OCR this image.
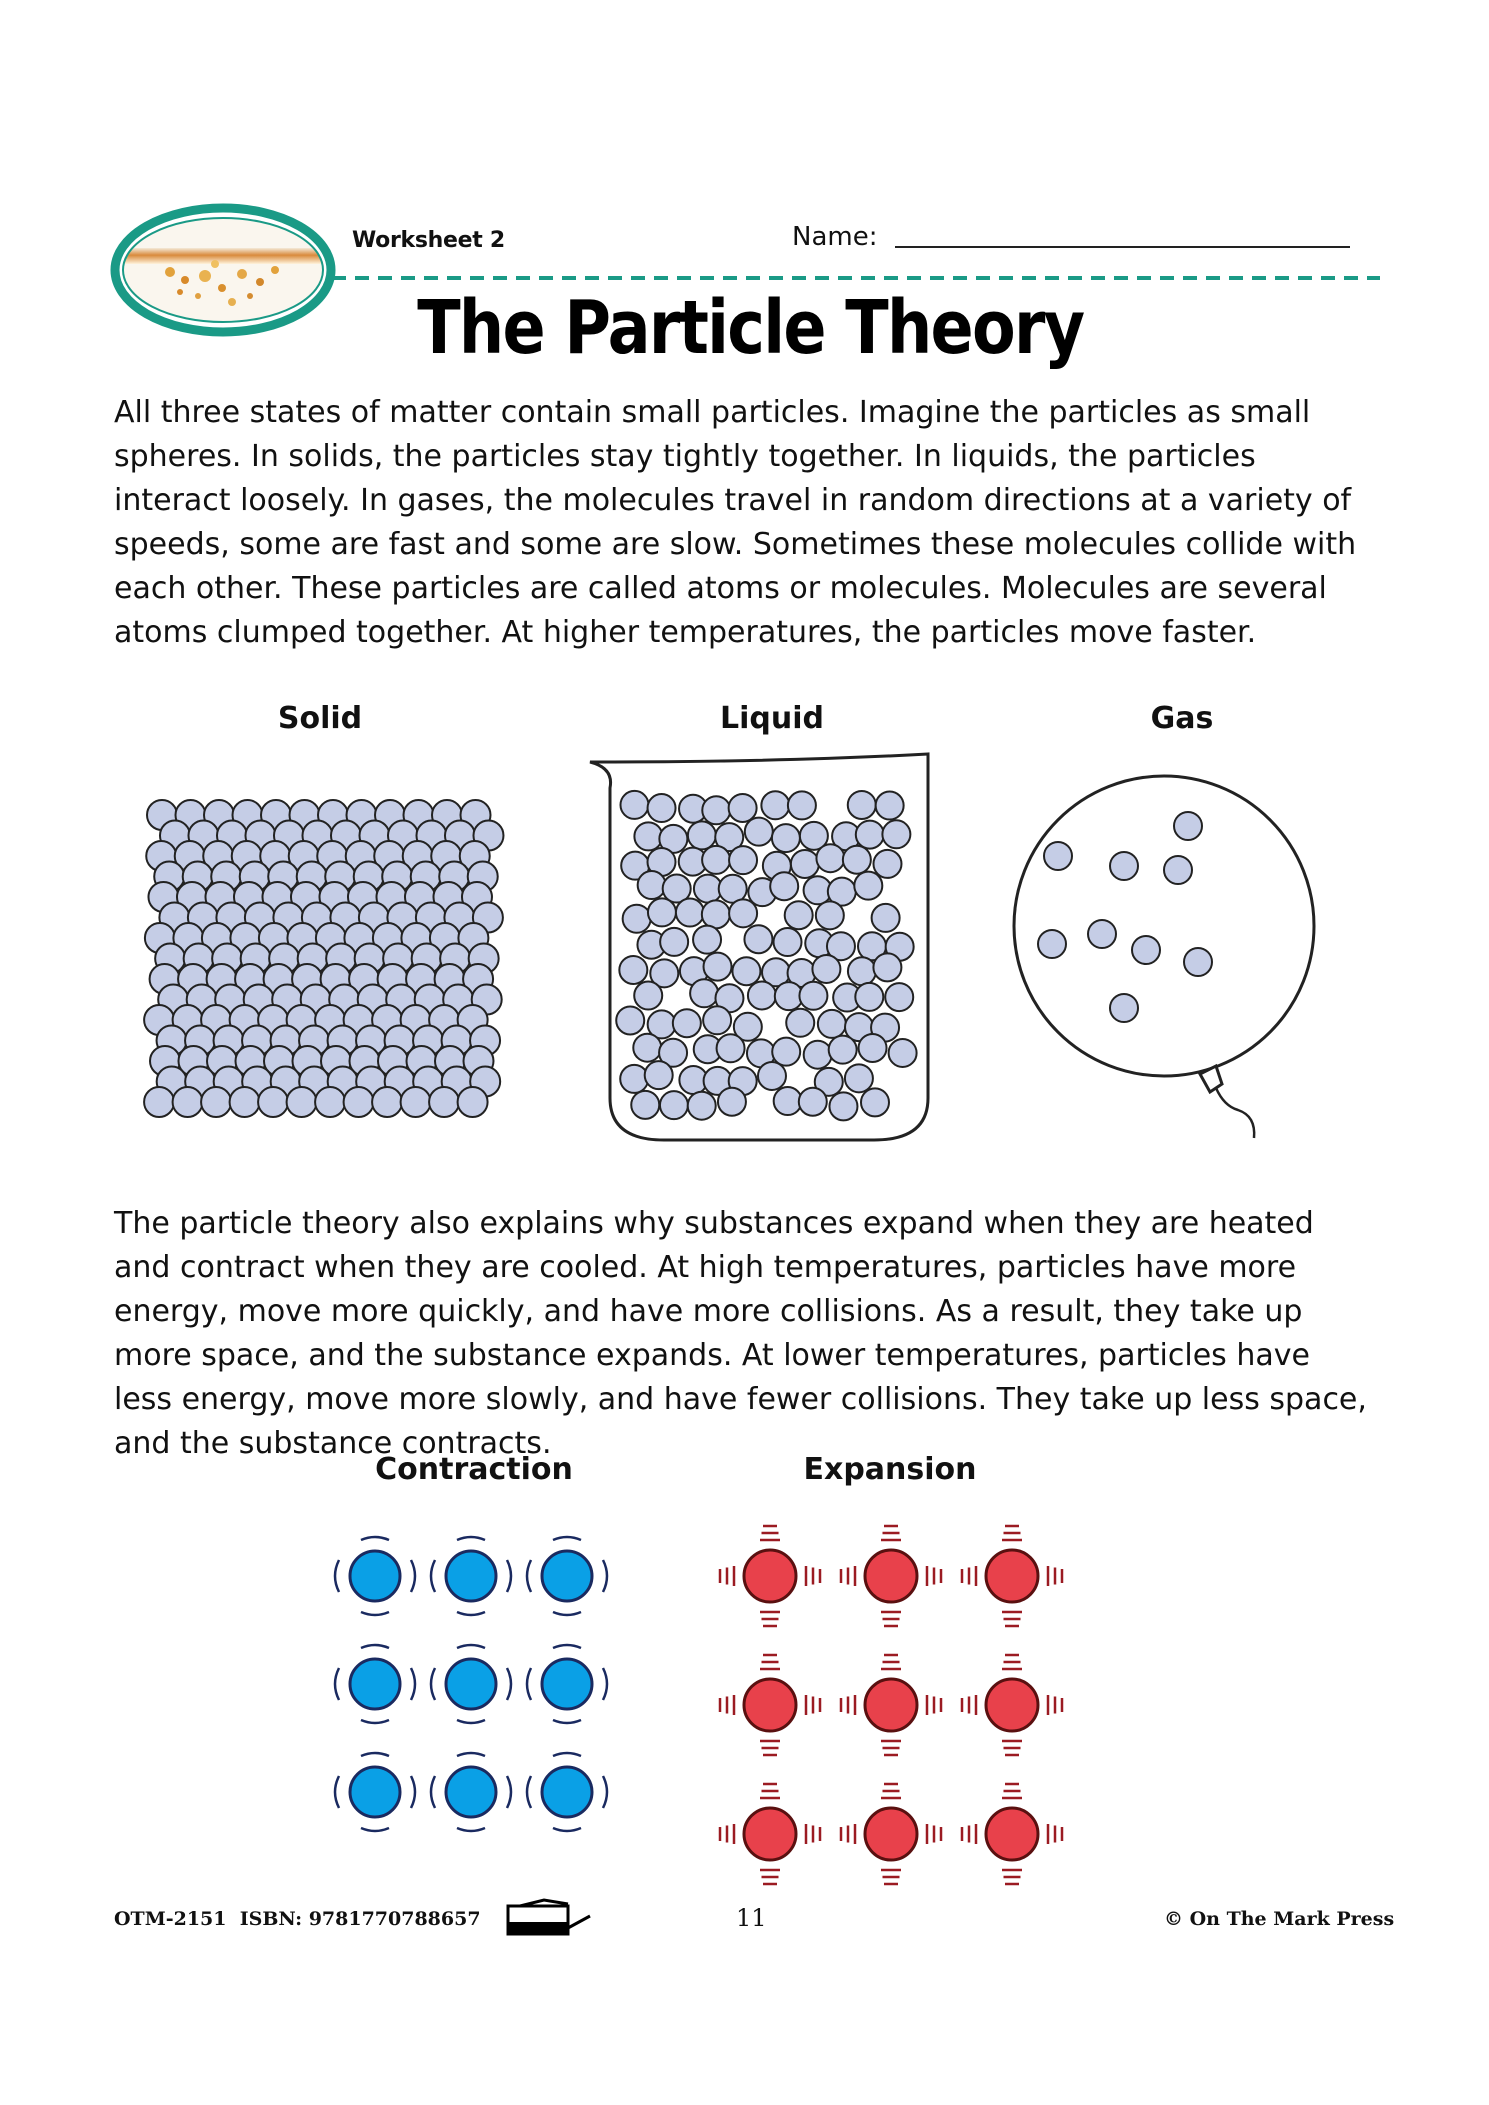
Worksheet 2	Name:
The Particle Theory
All three states of matter contain small particles. Imagine the particles as small spheres. In solids, the particles stay tightly together. In liquids, the particles interact loosely. In gases, the molecules travel in random directions at a variety of speeds, some are fast and some are slow. Sometimes these molecules collide with each other. These particles are called atoms or molecules. Molecules are several atoms clumped together. At higher temperatures, the particles move faster.
Solid	Liquid	Gas
The particle theory also explains why substances expand when they are heated and contract when they are cooled. At high temperatures, particles have more energy, move more quickly, and have more collisions. As a result, they take up more space, and the substance expands. At lower temperatures, particles have less energy, move more slowly, and have fewer collisions. They take up less space, and the substance contracts.
Contraction	Expansion
OTM-2151  ISBN: 9781770788657	11	© On The Mark Press
